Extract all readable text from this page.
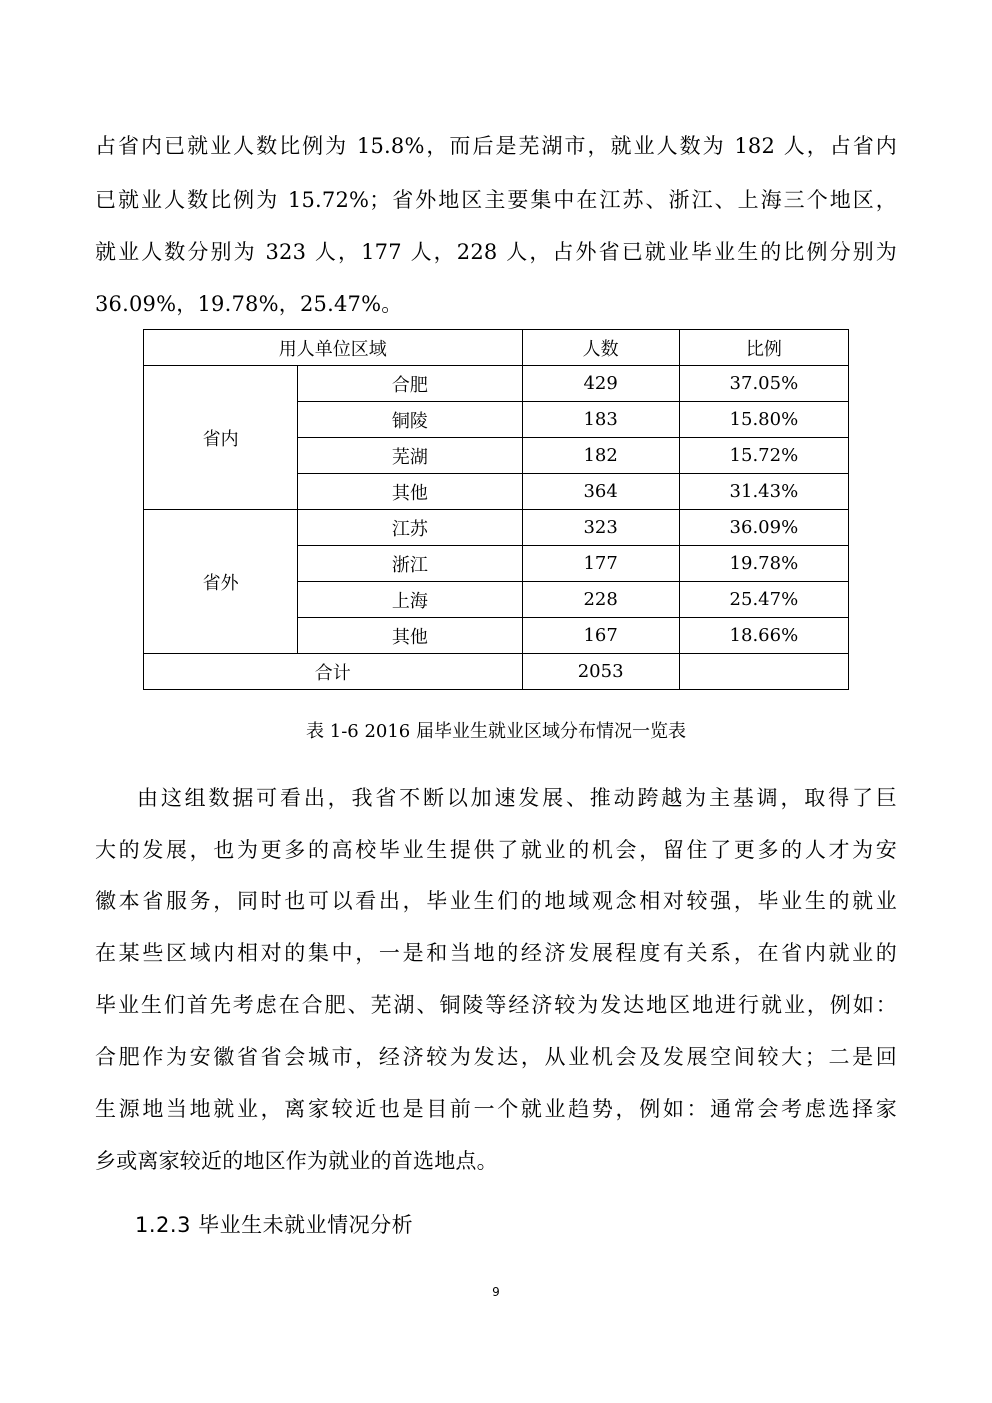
占省内已就业人数比例为 15.8%，而后是芜湖市，就业人数为 182 人，占省内
已就业人数比例为 15.72%；省外地区主要集中在江苏、浙江、上海三个地区，
就业人数分别为 323 人，177 人，228 人，占外省已就业毕业生的比例分别为
36.09%，19.78%，25.47%。
用人单位区域		人数	比例
省内	合肥	429	37.05%
	铜陵	183	15.80%
	芜湖	182	15.72%
	其他	364	31.43%
省外	江苏	323	36.09%
	浙江	177	19.78%
	上海	228	25.47%
	其他	167	18.66%
合计		2053	
表 1-6 2016 届毕业生就业区域分布情况一览表
由这组数据可看出，我省不断以加速发展、推动跨越为主基调，取得了巨
大的发展，也为更多的高校毕业生提供了就业的机会，留住了更多的人才为安
徽本省服务，同时也可以看出，毕业生们的地域观念相对较强，毕业生的就业
在某些区域内相对的集中，一是和当地的经济发展程度有关系，在省内就业的
毕业生们首先考虑在合肥、芜湖、铜陵等经济较为发达地区地进行就业，例如：
合肥作为安徽省省会城市，经济较为发达，从业机会及发展空间较大；二是回
生源地当地就业，离家较近也是目前一个就业趋势，例如：通常会考虑选择家
乡或离家较近的地区作为就业的首选地点。
1.2.3 毕业生未就业情况分析
9
